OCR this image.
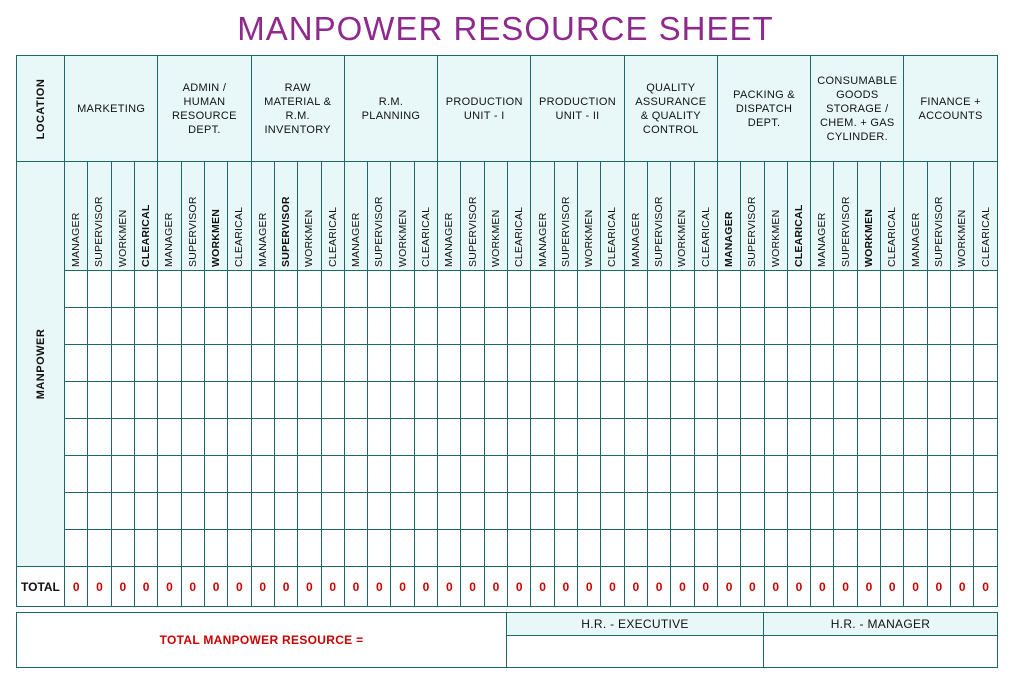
MANPOWER RESOURCE SHEET
LOCATION	MARKETING				ADMIN / HUMAN RESOURCE DEPT.				RAW MATERIAL & R.M. INVENTORY				R.M. PLANNING				PRODUCTION UNIT - I				PRODUCTION UNIT - II				QUALITY ASSURANCE & QUALITY CONTROL				PACKING & DISPATCH DEPT.				CONSUMABLE GOODS STORAGE / CHEM. + GAS CYLINDER.				FINANCE + ACCOUNTS			

MANPOWER	MANAGER	SUPERVISOR	WORKMEN	CLEARICAL	MANAGER	SUPERVISOR	WORKMEN	CLEARICAL	MANAGER	SUPERVISOR	WORKMEN	CLEARICAL	MANAGER	SUPERVISOR	WORKMEN	CLEARICAL	MANAGER	SUPERVISOR	WORKMEN	CLEARICAL	MANAGER	SUPERVISOR	WORKMEN	CLEARICAL	MANAGER	SUPERVISOR	WORKMEN	CLEARICAL	MANAGER	SUPERVISOR	WORKMEN	CLEARICAL	MANAGER	SUPERVISOR	WORKMEN	CLEARICAL	MANAGER	SUPERVISOR	WORKMEN	CLEARICAL

TOTAL	0	0	0	0	0	0	0	0	0	0	0	0	0	0	0	0	0	0	0	0	0	0	0	0	0	0	0	0	0	0	0	0	0	0	0	0	0	0	0	0
TOTAL MANPOWER RESOURCE =	H.R. - EXECUTIVE	H.R. - MANAGER
